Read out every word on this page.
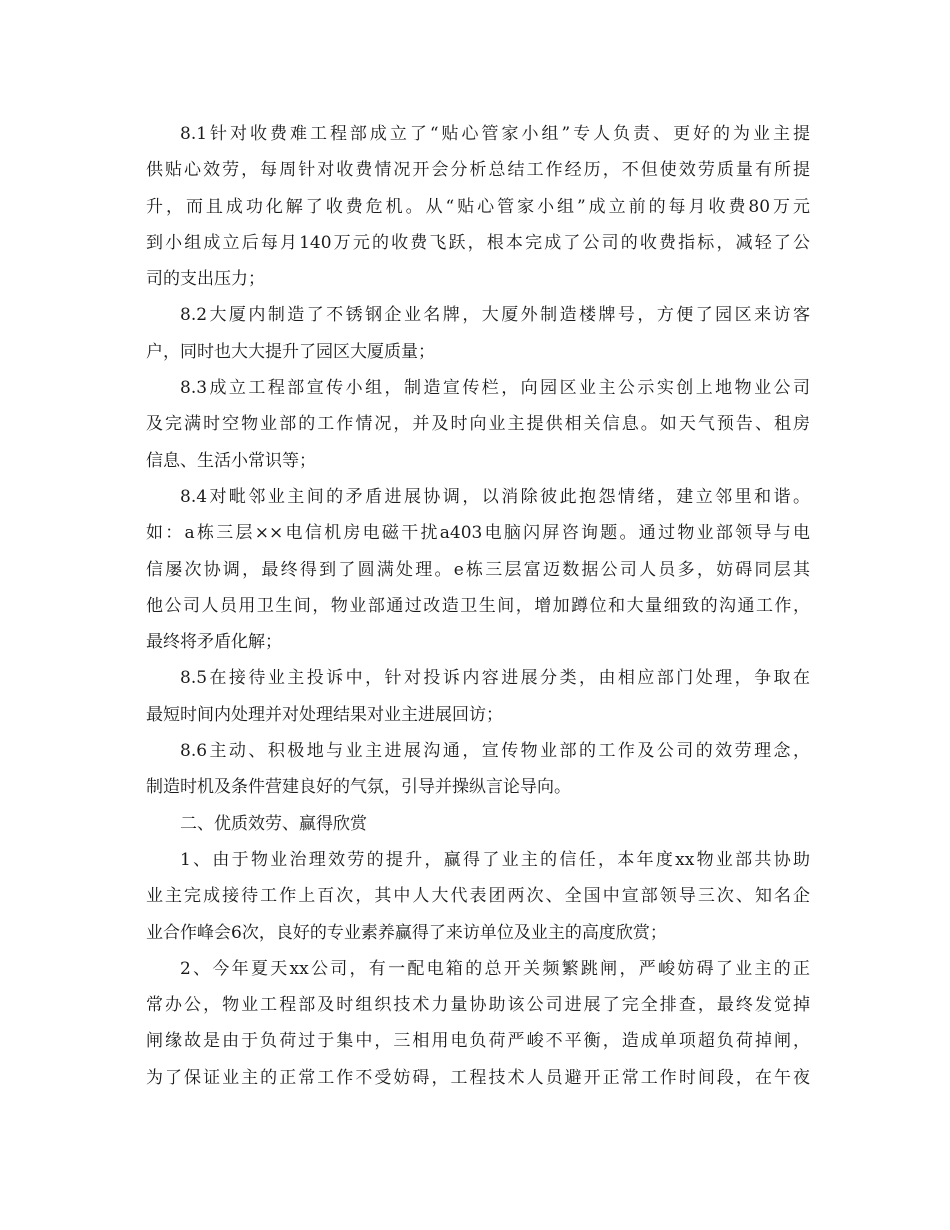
8.1针对收费难工程部成立了“贴心管家小组”专人负责、更好的为业主提
供贴心效劳，每周针对收费情况开会分析总结工作经历，不但使效劳质量有所提
升，而且成功化解了收费危机。从“贴心管家小组”成立前的每月收费80万元
到小组成立后每月140万元的收费飞跃，根本完成了公司的收费指标，减轻了公
司的支出压力；
8.2大厦内制造了不锈钢企业名牌，大厦外制造楼牌号，方便了园区来访客
户，同时也大大提升了园区大厦质量；
8.3成立工程部宣传小组，制造宣传栏，向园区业主公示实创上地物业公司
及完满时空物业部的工作情况，并及时向业主提供相关信息。如天气预告、租房
信息、生活小常识等；
8.4对毗邻业主间的矛盾进展协调，以消除彼此抱怨情绪，建立邻里和谐。
如：a栋三层××电信机房电磁干扰a403电脑闪屏咨询题。通过物业部领导与电
信屡次协调，最终得到了圆满处理。e栋三层富迈数据公司人员多，妨碍同层其
他公司人员用卫生间，物业部通过改造卫生间，增加蹲位和大量细致的沟通工作，
最终将矛盾化解；
8.5在接待业主投诉中，针对投诉内容进展分类，由相应部门处理，争取在
最短时间内处理并对处理结果对业主进展回访；
8.6主动、积极地与业主进展沟通，宣传物业部的工作及公司的效劳理念，
制造时机及条件营建良好的气氛，引导并操纵言论导向。
二、优质效劳、赢得欣赏
1、由于物业治理效劳的提升，赢得了业主的信任，本年度xx物业部共协助
业主完成接待工作上百次，其中人大代表团两次、全国中宣部领导三次、知名企
业合作峰会6次，良好的专业素养赢得了来访单位及业主的高度欣赏；
2、今年夏天xx公司，有一配电箱的总开关频繁跳闸，严峻妨碍了业主的正
常办公，物业工程部及时组织技术力量协助该公司进展了完全排查，最终发觉掉
闸缘故是由于负荷过于集中，三相用电负荷严峻不平衡，造成单项超负荷掉闸，
为了保证业主的正常工作不受妨碍，工程技术人员避开正常工作时间段，在午夜
